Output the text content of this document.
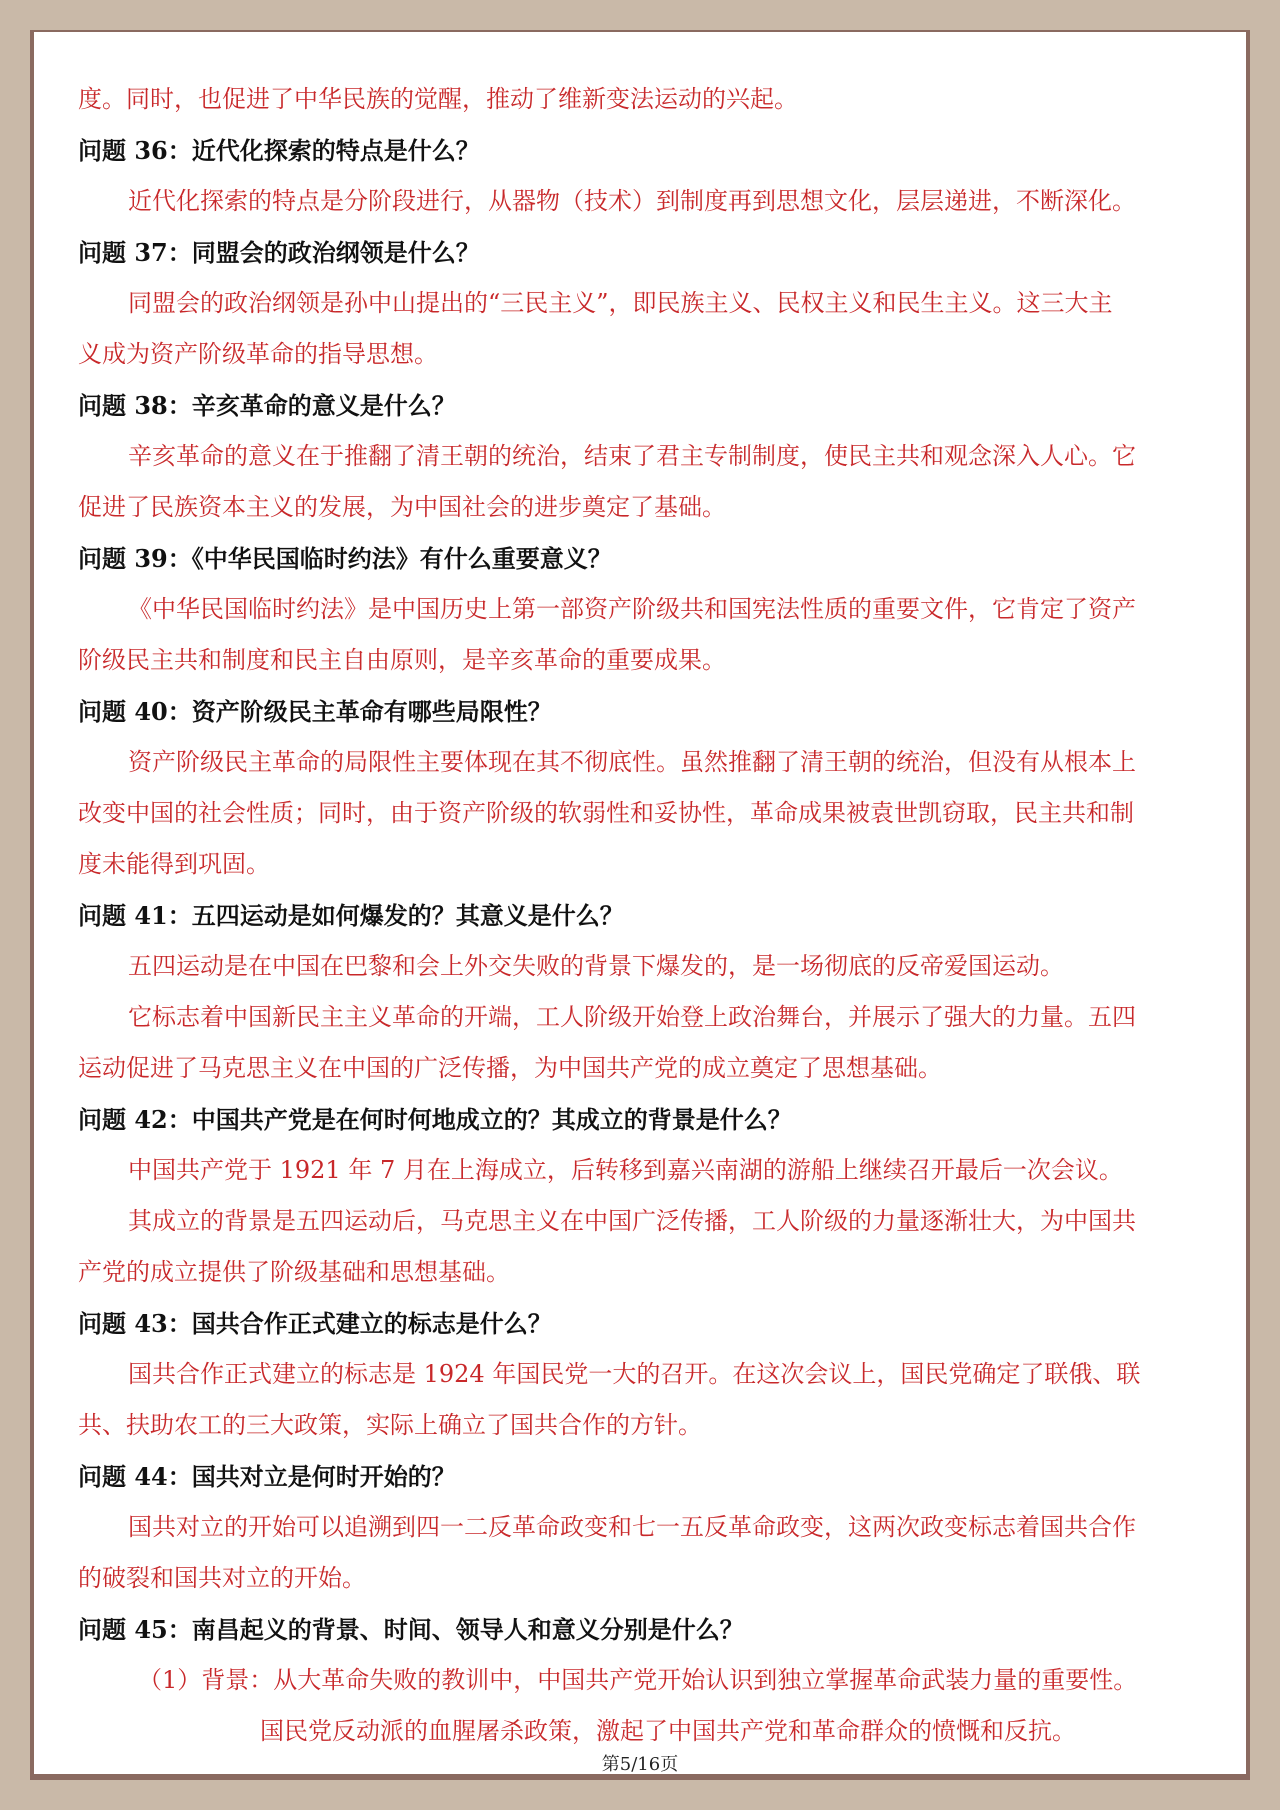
度。同时，也促进了中华民族的觉醒，推动了维新变法运动的兴起。
问题 36：近代化探索的特点是什么？
近代化探索的特点是分阶段进行，从器物（技术）到制度再到思想文化，层层递进，不断深化。
问题 37：同盟会的政治纲领是什么？
同盟会的政治纲领是孙中山提出的“三民主义”，即民族主义、民权主义和民生主义。这三大主
义成为资产阶级革命的指导思想。
问题 38：辛亥革命的意义是什么？
辛亥革命的意义在于推翻了清王朝的统治，结束了君主专制制度，使民主共和观念深入人心。它
促进了民族资本主义的发展，为中国社会的进步奠定了基础。
问题 39：《中华民国临时约法》有什么重要意义？
《中华民国临时约法》是中国历史上第一部资产阶级共和国宪法性质的重要文件，它肯定了资产
阶级民主共和制度和民主自由原则，是辛亥革命的重要成果。
问题 40：资产阶级民主革命有哪些局限性？
资产阶级民主革命的局限性主要体现在其不彻底性。虽然推翻了清王朝的统治，但没有从根本上
改变中国的社会性质；同时，由于资产阶级的软弱性和妥协性，革命成果被袁世凯窃取，民主共和制
度未能得到巩固。
问题 41：五四运动是如何爆发的？其意义是什么？
五四运动是在中国在巴黎和会上外交失败的背景下爆发的，是一场彻底的反帝爱国运动。
它标志着中国新民主主义革命的开端，工人阶级开始登上政治舞台，并展示了强大的力量。五四
运动促进了马克思主义在中国的广泛传播，为中国共产党的成立奠定了思想基础。
问题 42：中国共产党是在何时何地成立的？其成立的背景是什么？
中国共产党于 1921 年 7 月在上海成立，后转移到嘉兴南湖的游船上继续召开最后一次会议。
其成立的背景是五四运动后，马克思主义在中国广泛传播，工人阶级的力量逐渐壮大，为中国共
产党的成立提供了阶级基础和思想基础。
问题 43：国共合作正式建立的标志是什么？
国共合作正式建立的标志是 1924 年国民党一大的召开。在这次会议上，国民党确定了联俄、联
共、扶助农工的三大政策，实际上确立了国共合作的方针。
问题 44：国共对立是何时开始的？
国共对立的开始可以追溯到四一二反革命政变和七一五反革命政变，这两次政变标志着国共合作
的破裂和国共对立的开始。
问题 45：南昌起义的背景、时间、领导人和意义分别是什么？
（1）背景：从大革命失败的教训中，中国共产党开始认识到独立掌握革命武装力量的重要性。
国民党反动派的血腥屠杀政策，激起了中国共产党和革命群众的愤慨和反抗。
第5/16页
